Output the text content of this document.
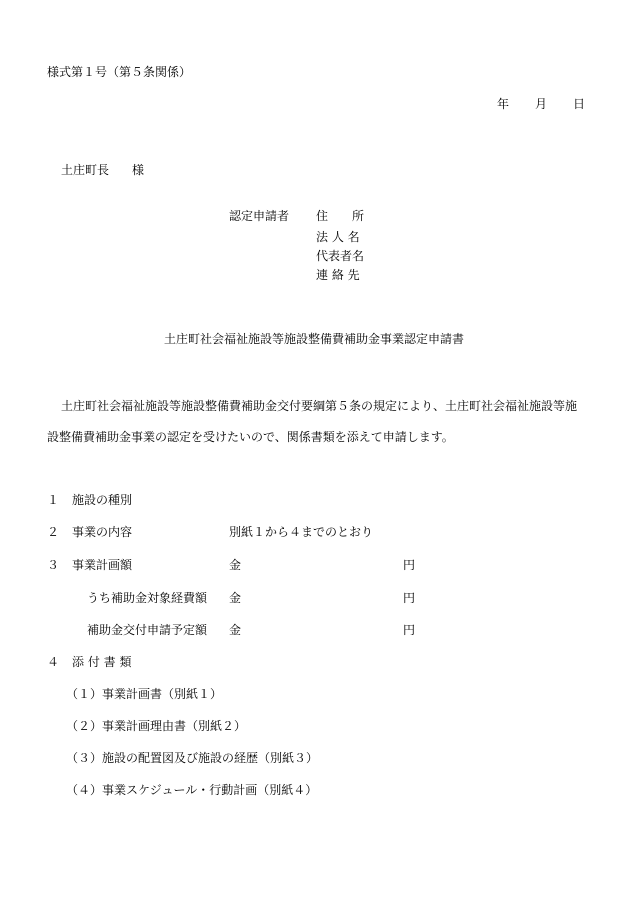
様式第１号（第５条関係）
年 月 日
土庄町長 様
認定申請者 住　　所
法 人 名
代表者名
連 絡 先
土庄町社会福祉施設等施設整備費補助金事業認定申請書
土庄町社会福祉施設等施設整備費補助金交付要綱第５条の規定により、土庄町社会福祉施設等施
設整備費補助金事業の認定を受けたいので、関係書類を添えて申請します。
１ 施設の種別
２ 事業の内容	別紙１から４までのとおり
３ 事業計画額	金	円
うち補助金対象経費額 金	円
補助金交付申請予定額 金	円
４ 添 付 書 類
（１）事業計画書（別紙１）
（２）事業計画理由書（別紙２）
（３）施設の配置図及び施設の経歴（別紙３）
（４）事業スケジュール・行動計画（別紙４）
